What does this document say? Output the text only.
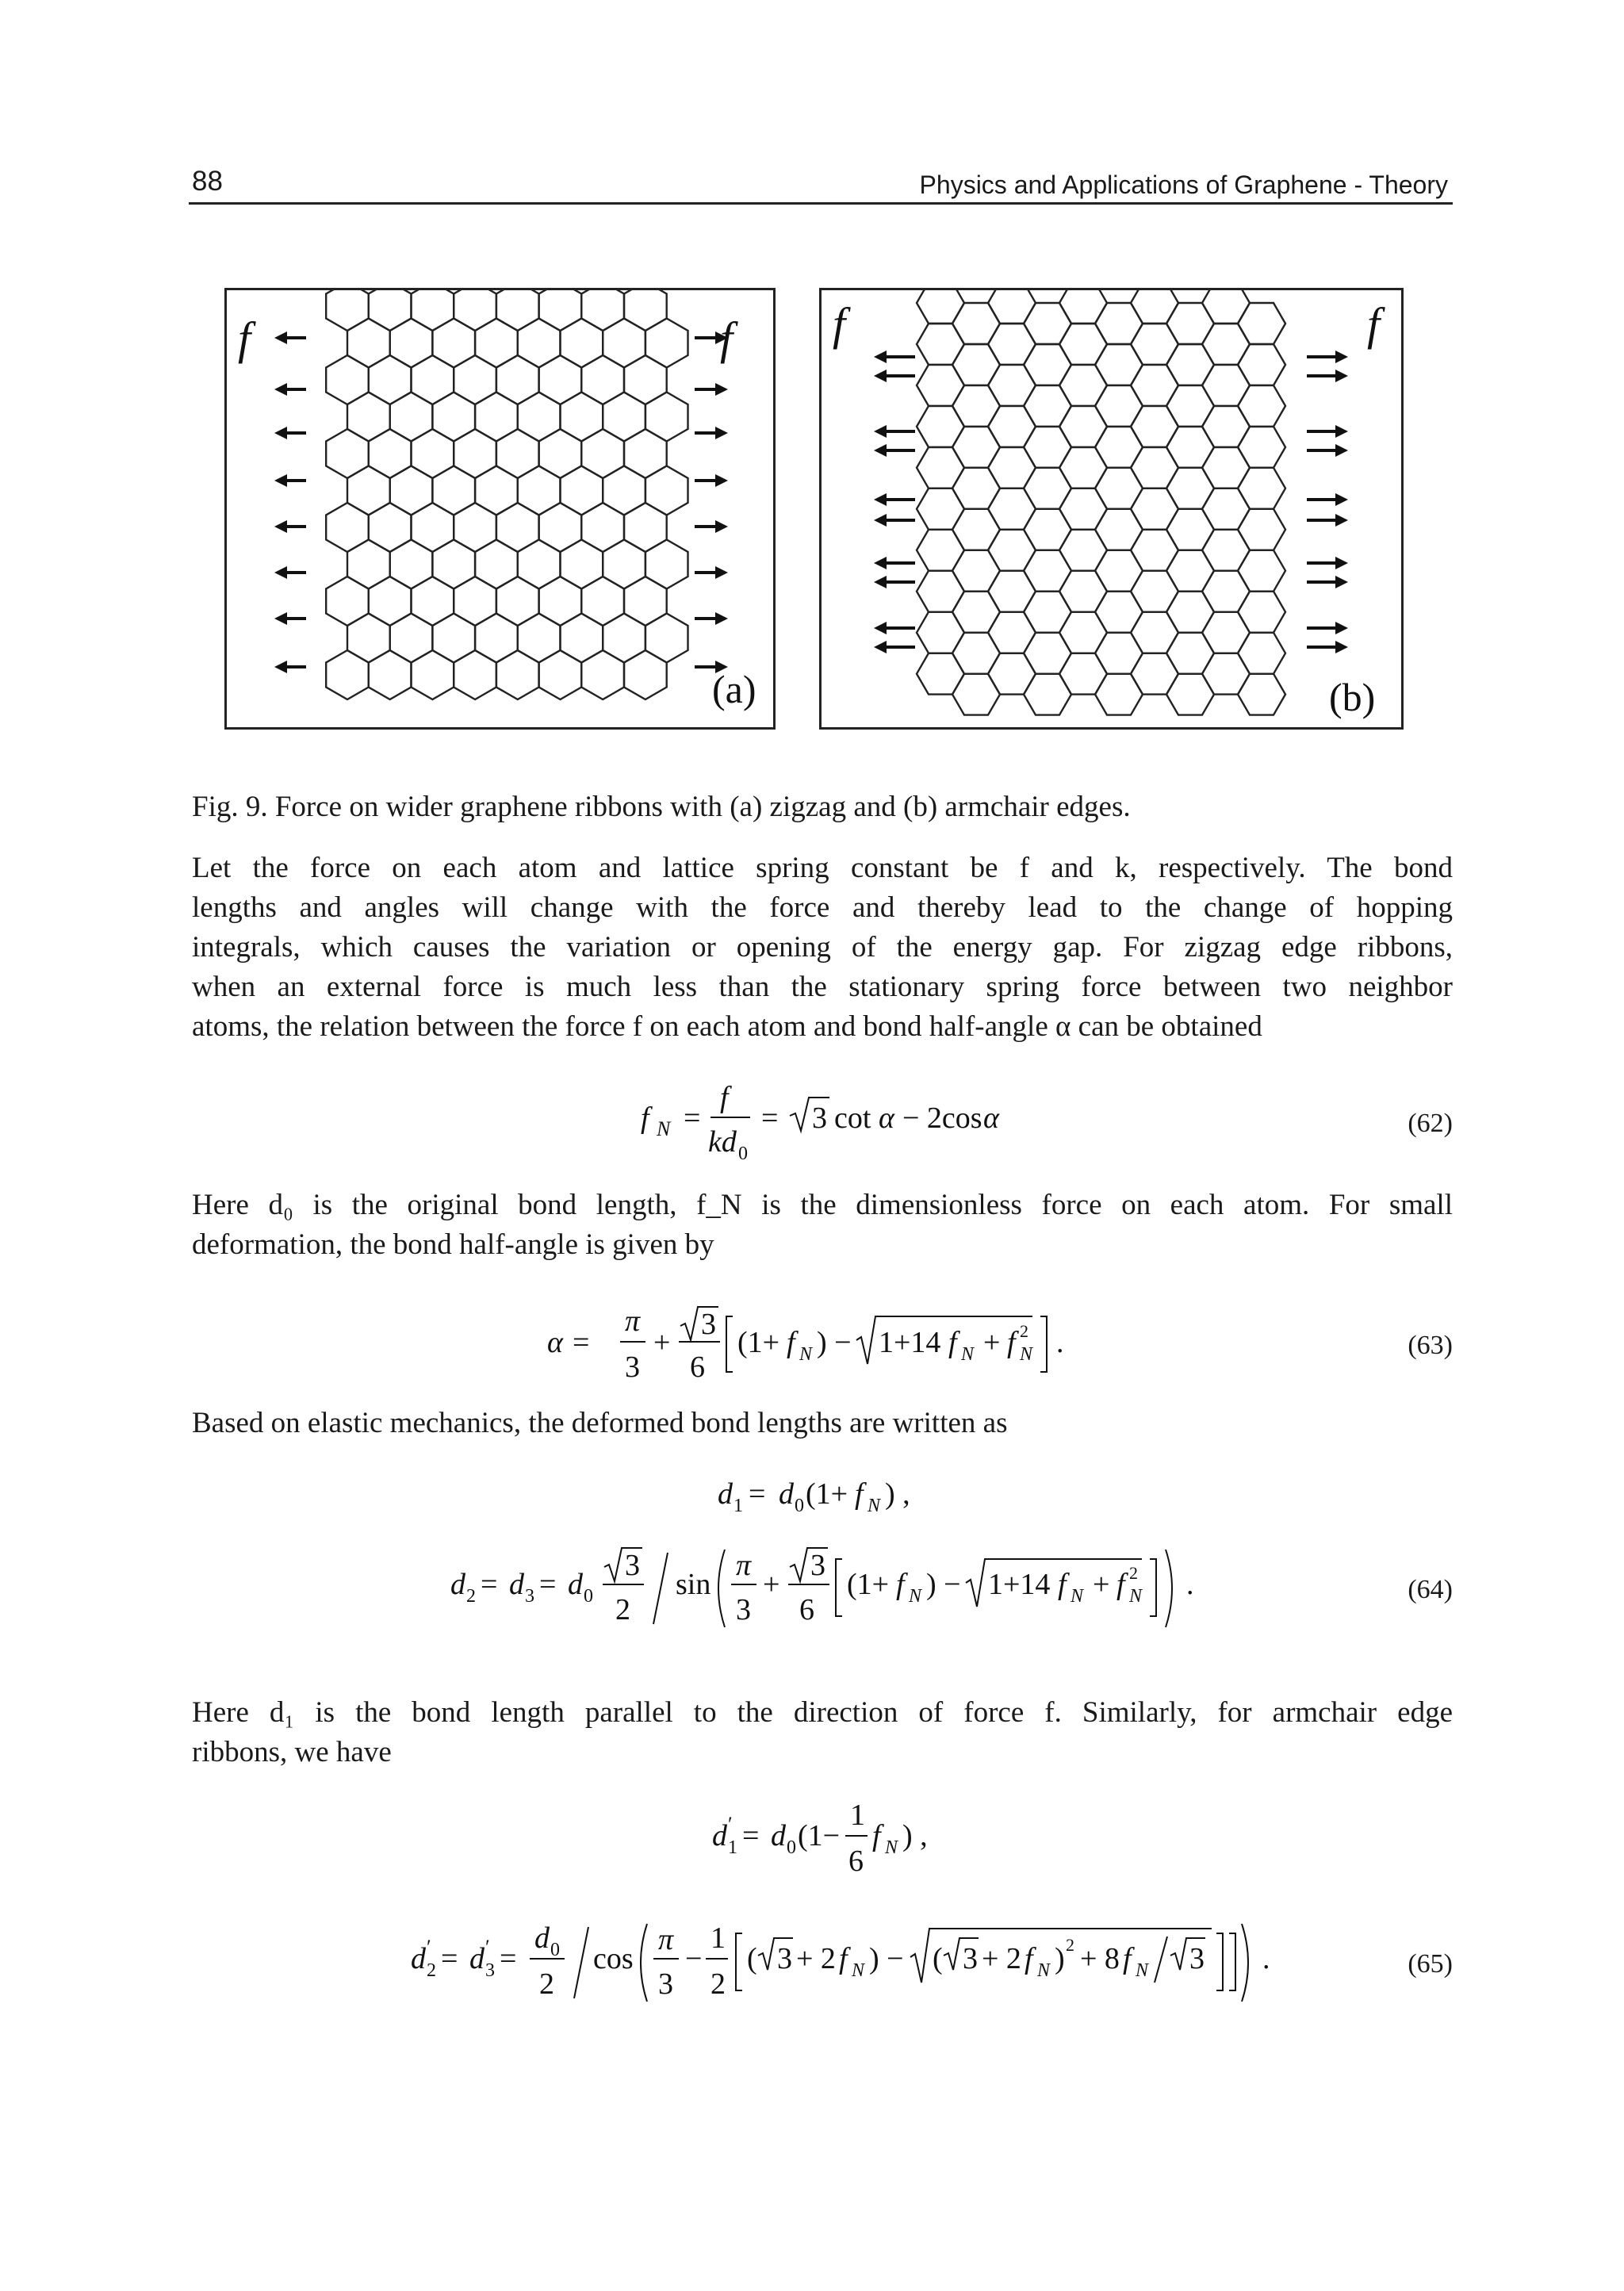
88	Physics and Applications of Graphene - Theory
f	f
(a)
f	f
(b)

Fig. 9. Force on wider graphene ribbons with (a) zigzag and (b) armchair edges.

Let the force on each atom and lattice spring constant be f and k, respectively. The bond
lengths and angles will change with the force and thereby lead to the change of hopping
integrals, which causes the variation or opening of the energy gap. For zigzag edge ribbons,
when an external force is much less than the stationary spring force between two neighbor
atoms, the relation between the force f on each atom and bond half-angle α can be obtained
f N =
f
kd 0
= 3 cot α − 2cos α	(62)
Here d₀ is the original bond length, f_N is the dimensionless force on each atom. For small
deformation, the bond half-angle is given by
α =
π
3
+
3
6
(1+ f N ) − 1+14 f N + f 2
N .	(63)
Based on elastic mechanics, the deformed bond lengths are written as
d 1 = d 0 (1+ f N ) ,
d 2 = d 3 = d 0
3
2
sin
π
3
+
3
6
(1+ f N ) − 1+14 f N + f 2
N .	(64)
Here d₁ is the bond length parallel to the direction of force f. Similarly, for armchair edge
ribbons, we have
d ′
1 = d 0 (1−
1
6
f N ) ,
d ′
2 = d ′
3 =
d 0
2
cos
π
3
−
1
2
( 3 + 2 f N ) − ( 3 + 2 f N ) 2 + 8 f N 3 .	(65)
